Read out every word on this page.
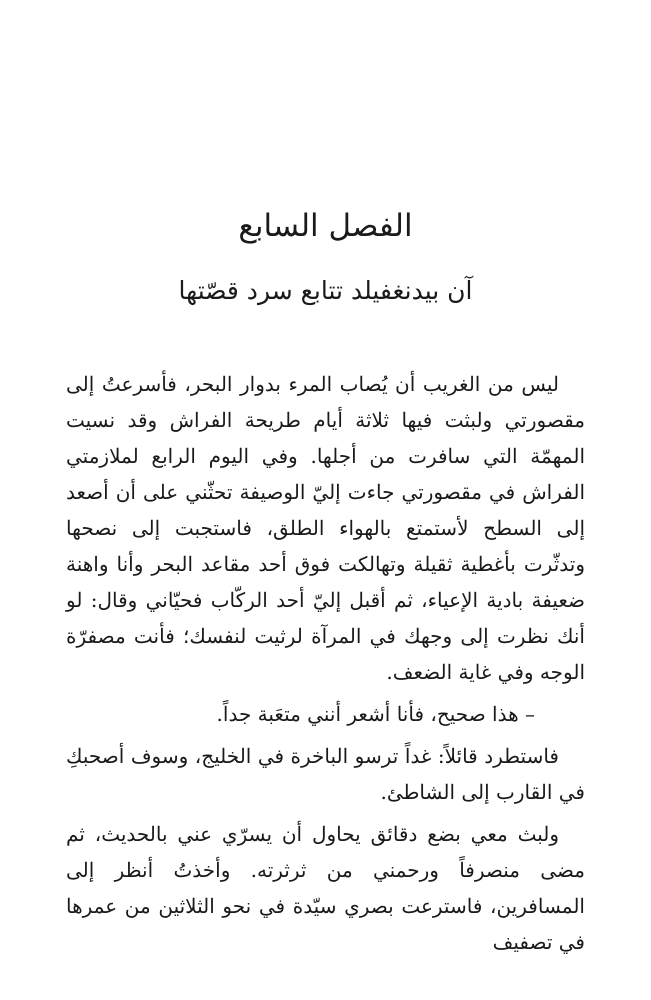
الفصل السابع
آن بيدنغفيلد تتابع سرد قصّتها

ليس من الغريب أن يُصاب المرء بدوار البحر، فأسرعتُ إلى مقصورتي ولبثت فيها ثلاثة أيام طريحة الفراش وقد نسيت المهمّة التي سافرت من أجلها. وفي اليوم الرابع لملازمتي الفراش في مقصورتي جاءت إليّ الوصيفة تحثّني على أن أصعد إلى السطح لأستمتع بالهواء الطلق، فاستجبت إلى نصحها وتدثّرت بأغطية ثقيلة وتهالكت فوق أحد مقاعد البحر وأنا واهنة ضعيفة بادية الإعياء، ثم أقبل إليّ أحد الركّاب فحيّاني وقال: لو أنك نظرت إلى وجهك في المرآة لرثيت لنفسك؛ فأنت مصفرّة الوجه وفي غاية الضعف.

– هذا صحيح، فأنا أشعر أنني متعَبة جداً.

فاستطرد قائلاً: غداً ترسو الباخرة في الخليج، وسوف أصحبكِ في القارب إلى الشاطئ.

ولبث معي بضع دقائق يحاول أن يسرّي عني بالحديث، ثم مضى منصرفاً ورحمني من ثرثرته. وأخذتُ أنظر إلى المسافرين، فاسترعت بصري سيّدة في نحو الثلاثين من عمرها في تصفيف
